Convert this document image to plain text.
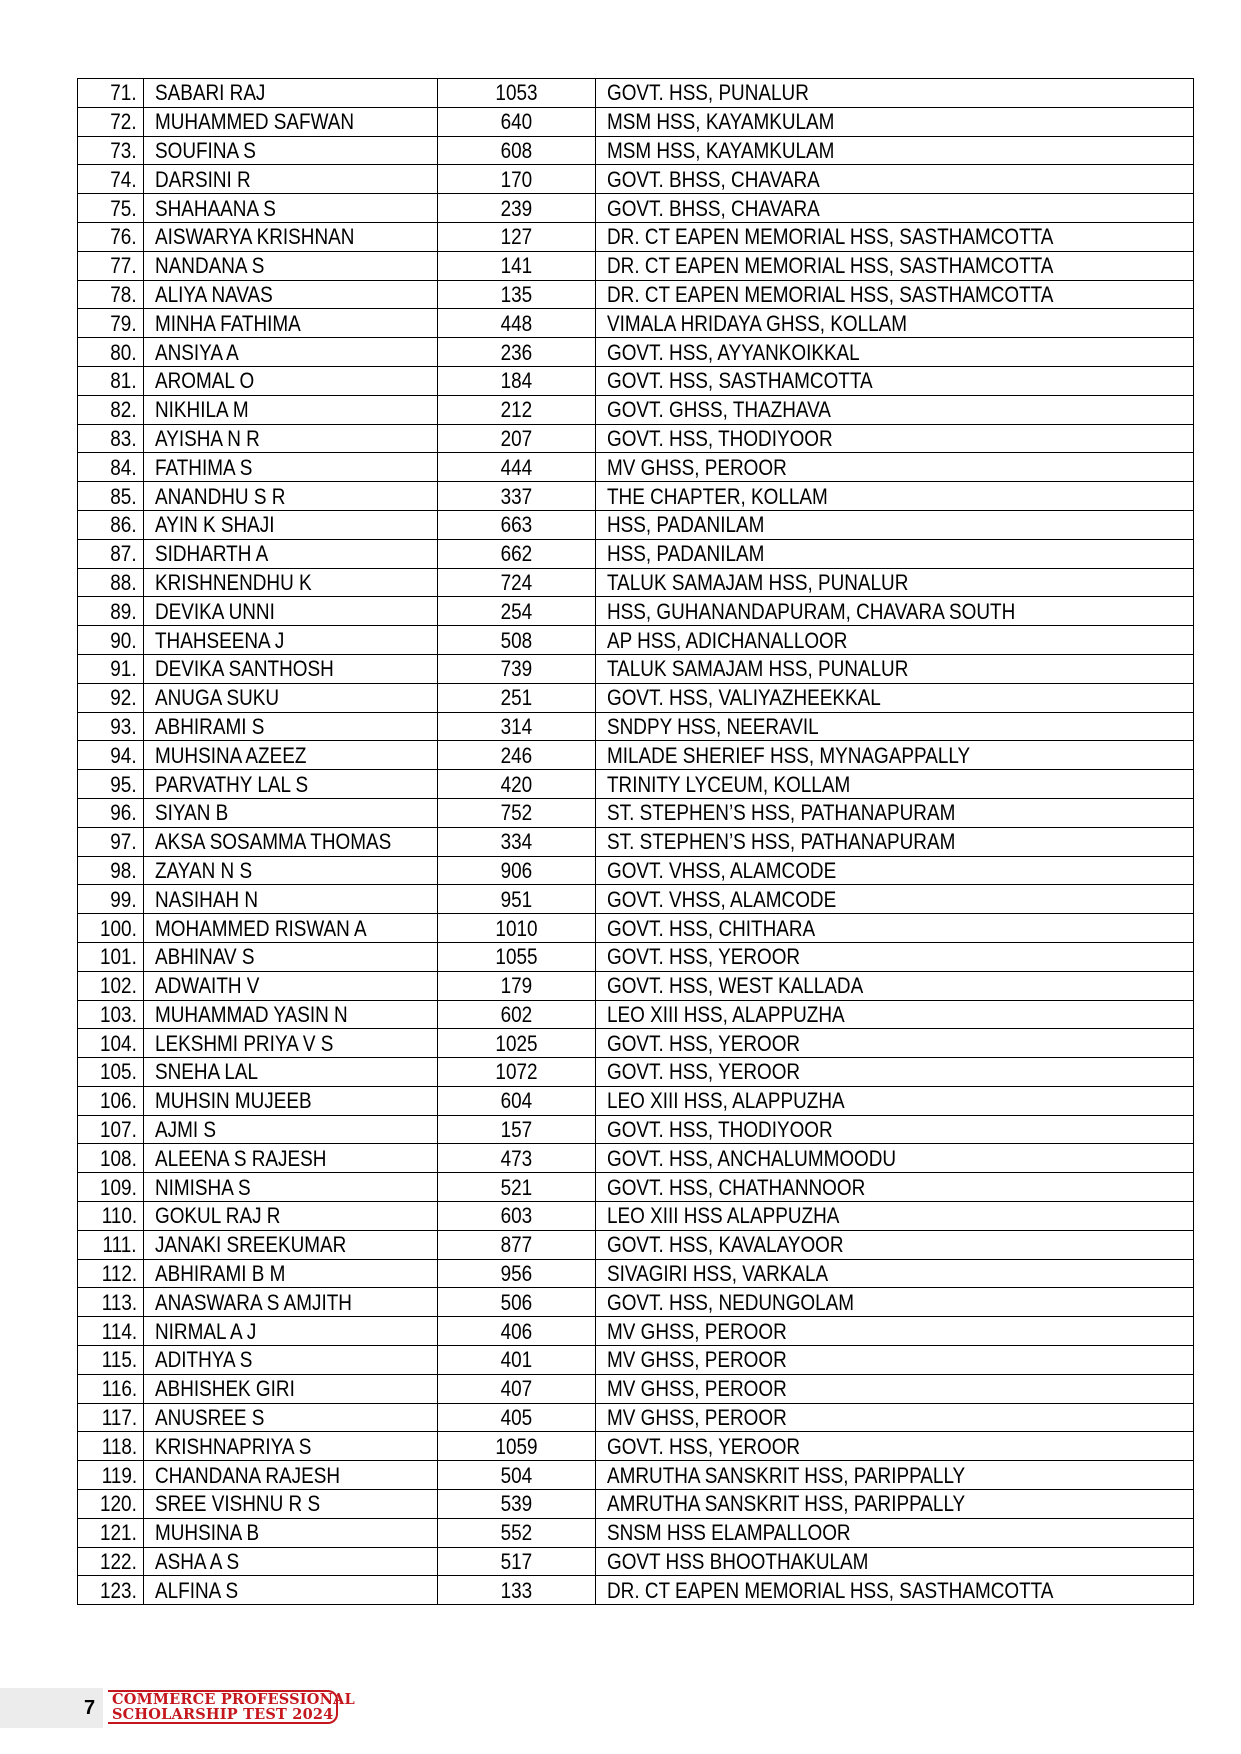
71.	SABARI RAJ	1053	GOVT. HSS, PUNALUR
72.	MUHAMMED SAFWAN	640	MSM HSS, KAYAMKULAM
73.	SOUFINA S	608	MSM HSS, KAYAMKULAM
74.	DARSINI R	170	GOVT. BHSS, CHAVARA
75.	SHAHAANA S	239	GOVT. BHSS, CHAVARA
76.	AISWARYA KRISHNAN	127	DR. CT EAPEN MEMORIAL HSS, SASTHAMCOTTA
77.	NANDANA S	141	DR. CT EAPEN MEMORIAL HSS, SASTHAMCOTTA
78.	ALIYA NAVAS	135	DR. CT EAPEN MEMORIAL HSS, SASTHAMCOTTA
79.	MINHA FATHIMA	448	VIMALA HRIDAYA GHSS, KOLLAM
80.	ANSIYA A	236	GOVT. HSS, AYYANKOIKKAL
81.	AROMAL O	184	GOVT. HSS, SASTHAMCOTTA
82.	NIKHILA M	212	GOVT. GHSS, THAZHAVA
83.	AYISHA N R	207	GOVT. HSS, THODIYOOR
84.	FATHIMA S	444	MV GHSS, PEROOR
85.	ANANDHU S R	337	THE CHAPTER, KOLLAM
86.	AYIN K SHAJI	663	HSS, PADANILAM
87.	SIDHARTH A	662	HSS, PADANILAM
88.	KRISHNENDHU K	724	TALUK SAMAJAM HSS, PUNALUR
89.	DEVIKA UNNI	254	HSS, GUHANANDAPURAM, CHAVARA SOUTH
90.	THAHSEENA J	508	AP HSS, ADICHANALLOOR
91.	DEVIKA SANTHOSH	739	TALUK SAMAJAM HSS, PUNALUR
92.	ANUGA SUKU	251	GOVT. HSS, VALIYAZHEEKKAL
93.	ABHIRAMI S	314	SNDPY HSS, NEERAVIL
94.	MUHSINA AZEEZ	246	MILADE SHERIEF HSS, MYNAGAPPALLY
95.	PARVATHY LAL S	420	TRINITY LYCEUM, KOLLAM
96.	SIYAN B	752	ST. STEPHEN’S HSS, PATHANAPURAM
97.	AKSA SOSAMMA THOMAS	334	ST. STEPHEN’S HSS, PATHANAPURAM
98.	ZAYAN N S	906	GOVT. VHSS, ALAMCODE
99.	NASIHAH N	951	GOVT. VHSS, ALAMCODE
100.	MOHAMMED RISWAN A	1010	GOVT. HSS, CHITHARA
101.	ABHINAV S	1055	GOVT. HSS, YEROOR
102.	ADWAITH V	179	GOVT. HSS, WEST KALLADA
103.	MUHAMMAD YASIN N	602	LEO XIII HSS, ALAPPUZHA
104.	LEKSHMI PRIYA V S	1025	GOVT. HSS, YEROOR
105.	SNEHA LAL	1072	GOVT. HSS, YEROOR
106.	MUHSIN MUJEEB	604	LEO XIII HSS, ALAPPUZHA
107.	AJMI S	157	GOVT. HSS, THODIYOOR
108.	ALEENA S RAJESH	473	GOVT. HSS, ANCHALUMMOODU
109.	NIMISHA S	521	GOVT. HSS, CHATHANNOOR
110.	GOKUL RAJ R	603	LEO XIII HSS ALAPPUZHA
111.	JANAKI SREEKUMAR	877	GOVT. HSS, KAVALAYOOR
112.	ABHIRAMI B M	956	SIVAGIRI HSS, VARKALA
113.	ANASWARA S AMJITH	506	GOVT. HSS, NEDUNGOLAM
114.	NIRMAL A J	406	MV GHSS, PEROOR
115.	ADITHYA S	401	MV GHSS, PEROOR
116.	ABHISHEK GIRI	407	MV GHSS, PEROOR
117.	ANUSREE S	405	MV GHSS, PEROOR
118.	KRISHNAPRIYA S	1059	GOVT. HSS, YEROOR
119.	CHANDANA RAJESH	504	AMRUTHA SANSKRIT HSS, PARIPPALLY
120.	SREE VISHNU R S	539	AMRUTHA SANSKRIT HSS, PARIPPALLY
121.	MUHSINA B	552	SNSM HSS ELAMPALLOOR
122.	ASHA A S	517	GOVT HSS BHOOTHAKULAM
123.	ALFINA S	133	DR. CT EAPEN MEMORIAL HSS, SASTHAMCOTTA
7 COMMERCE PROFESSIONAL
SCHOLARSHIP TEST 2024
